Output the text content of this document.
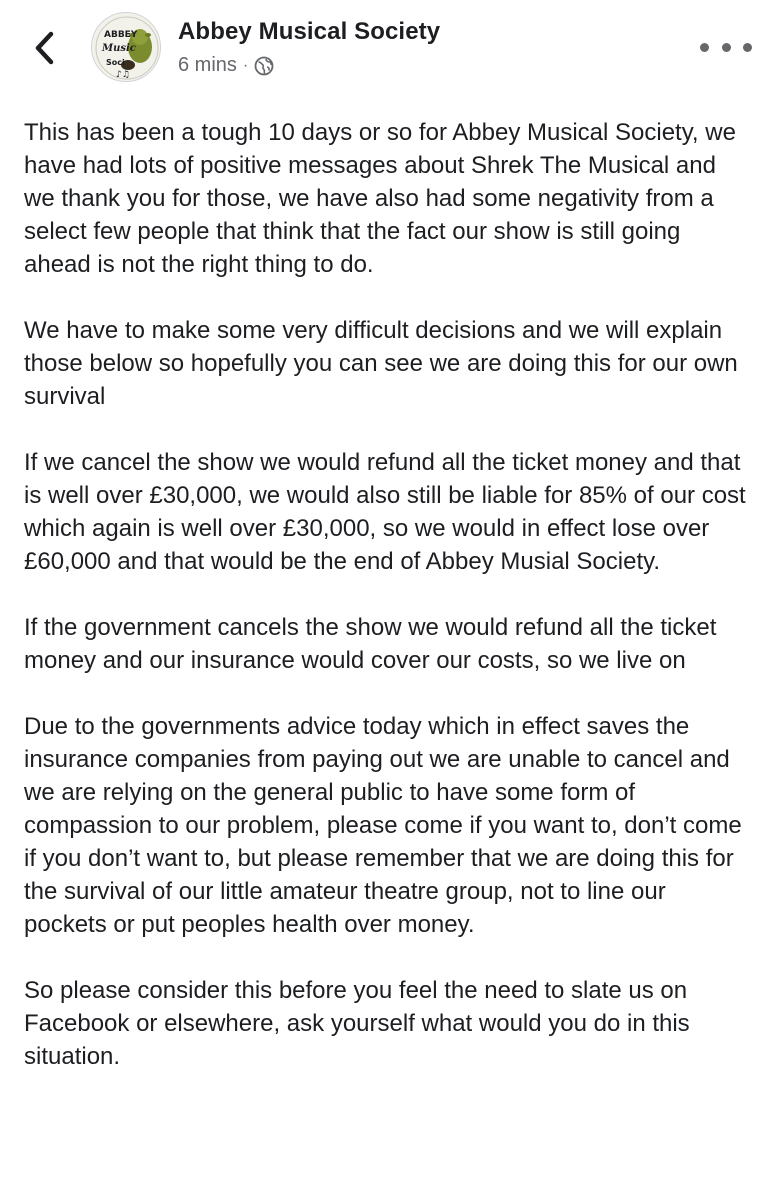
ABBEY
Music
Soci
♪♫
Abbey Musical Society
6 mins ·

This has been a tough 10 days or so for Abbey Musical Society, we have had lots of positive messages about Shrek The Musical and we thank you for those, we have also had some negativity from a select few people that think that the fact our show is still going ahead is not the right thing to do.

We have to make some very difficult decisions and we will explain those below so hopefully you can see we are doing this for our own survival

If we cancel the show we would refund all the ticket money and that is well over £30,000, we would also still be liable for 85% of our cost which again is well over £30,000, so we would in effect lose over £60,000 and that would be the end of Abbey Musial Society.

If the government cancels the show we would refund all the ticket money and our insurance would cover our costs, so we live on

Due to the governments advice today which in effect saves the insurance companies from paying out we are unable to cancel and we are relying on the general public to have some form of compassion to our problem, please come if you want to, don’t come if you don’t want to, but please remember that we are doing this for the survival of our little amateur theatre group, not to line our pockets or put peoples health over money.

So please consider this before you feel the need to slate us on Facebook or elsewhere, ask yourself what would you do in this situation.
